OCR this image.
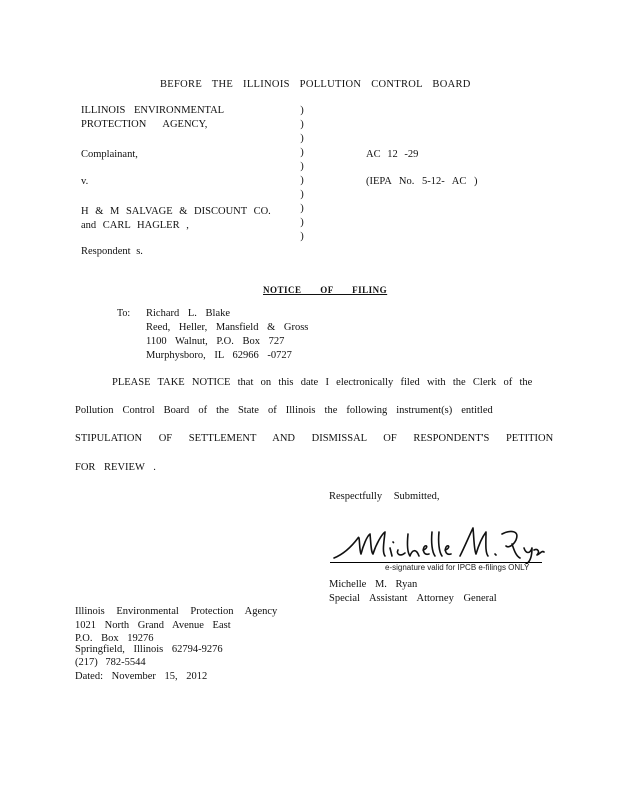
BEFORE THE ILLINOIS POLLUTION CONTROL BOARD
ILLINOIS ENVIRONMENTAL
PROTECTION AGENCY,
Complainant,
v.
H & M SALVAGE & DISCOUNT CO.
and CARL HAGLER ,
Respondent s.
)
)
)
)
)
)
)
)
)
)
AC 12 -29
(IEPA No. 5-12- AC )
NOTICE OF FILING
To: Richard L. Blake
Reed, Heller, Mansfield & Gross
1100 Walnut, P.O. Box 727
Murphysboro, IL 62966 -0727
PLEASE TAKE NOTICE that on this date I electronically filed with the Clerk of the
Pollution Control Board of the State of Illinois the following instrument(s) entitled
STIPULATION OF SETTLEMENT AND DISMISSAL OF RESPONDENT'S PETITION
FOR REVIEW .
Respectfully Submitted,
e-signature valid for IPCB e-filings ONLY
Michelle M. Ryan
Special Assistant Attorney General
Illinois Environmental Protection Agency
1021 North Grand Avenue East
P.O. Box 19276
Springfield, Illinois 62794-9276
(217) 782-5544
Dated: November 15, 2012
